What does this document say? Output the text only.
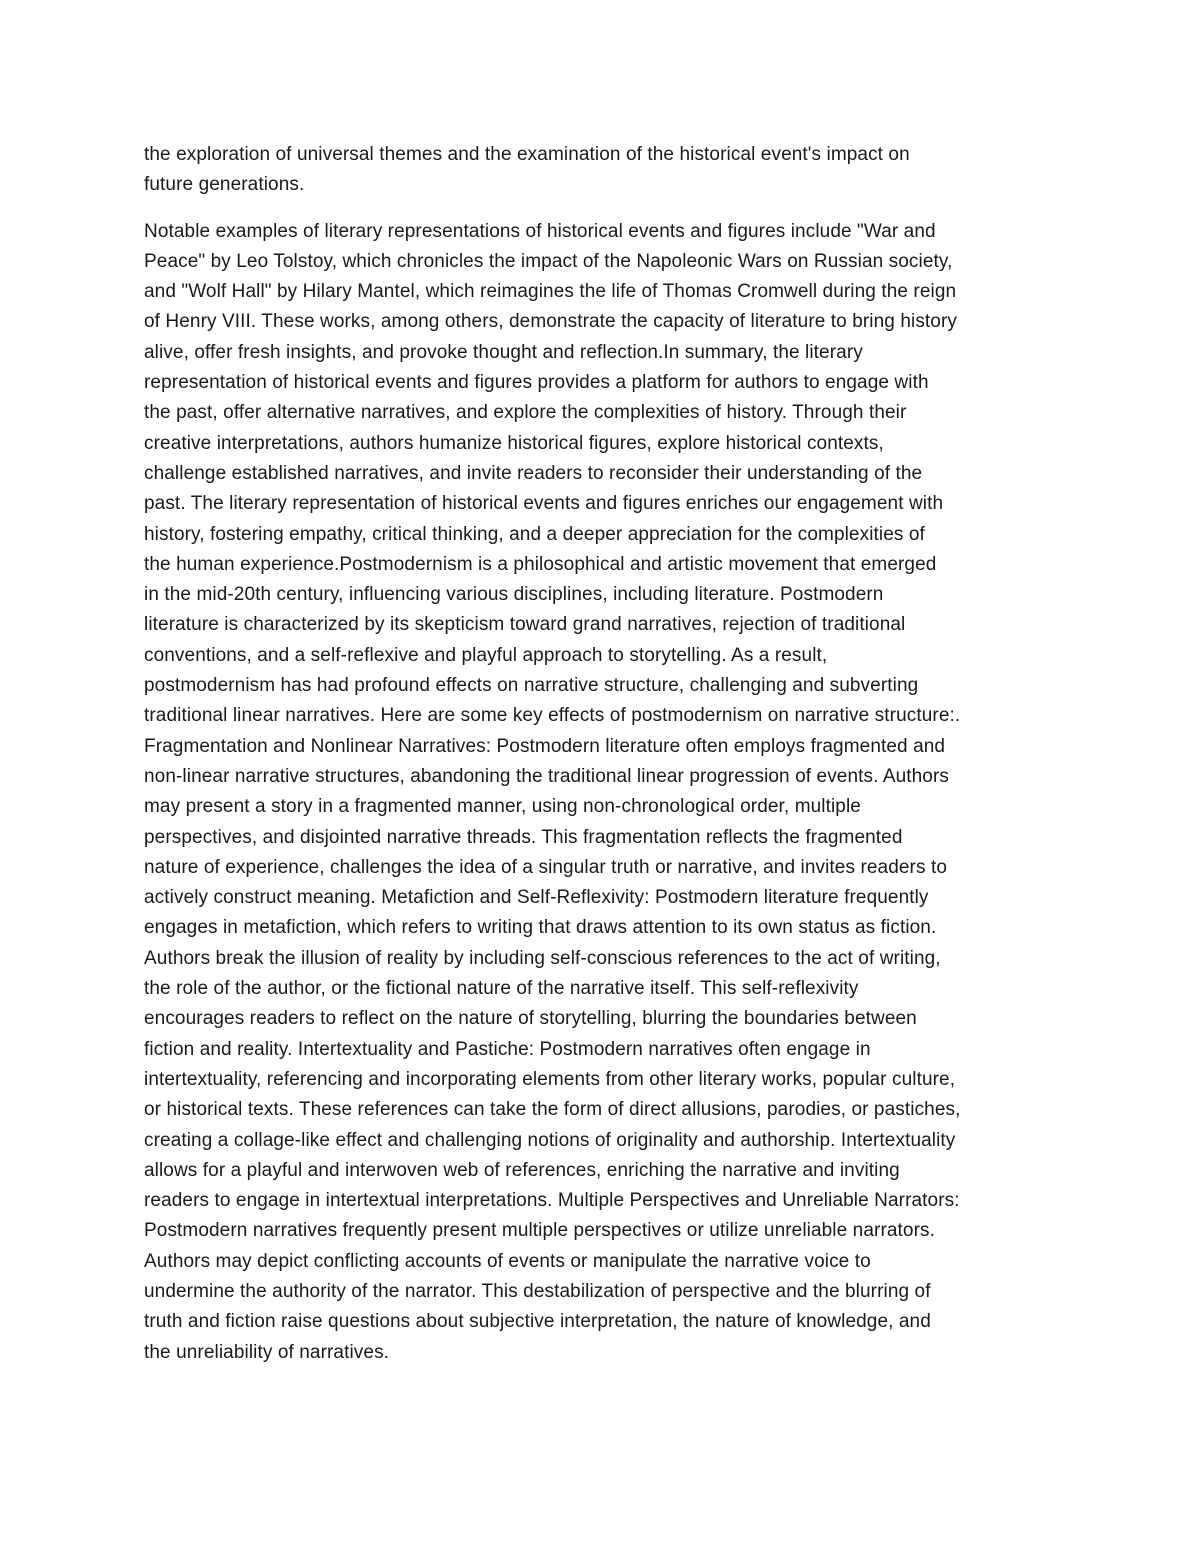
the exploration of universal themes and the examination of the historical event's impact on
future generations.

Notable examples of literary representations of historical events and figures include "War and
Peace" by Leo Tolstoy, which chronicles the impact of the Napoleonic Wars on Russian society,
and "Wolf Hall" by Hilary Mantel, which reimagines the life of Thomas Cromwell during the reign
of Henry VIII. These works, among others, demonstrate the capacity of literature to bring history
alive, offer fresh insights, and provoke thought and reflection.In summary, the literary
representation of historical events and figures provides a platform for authors to engage with
the past, offer alternative narratives, and explore the complexities of history. Through their
creative interpretations, authors humanize historical figures, explore historical contexts,
challenge established narratives, and invite readers to reconsider their understanding of the
past. The literary representation of historical events and figures enriches our engagement with
history, fostering empathy, critical thinking, and a deeper appreciation for the complexities of
the human experience.Postmodernism is a philosophical and artistic movement that emerged
in the mid-20th century, influencing various disciplines, including literature. Postmodern
literature is characterized by its skepticism toward grand narratives, rejection of traditional
conventions, and a self-reflexive and playful approach to storytelling. As a result,
postmodernism has had profound effects on narrative structure, challenging and subverting
traditional linear narratives. Here are some key effects of postmodernism on narrative structure:.
Fragmentation and Nonlinear Narratives: Postmodern literature often employs fragmented and
non-linear narrative structures, abandoning the traditional linear progression of events. Authors
may present a story in a fragmented manner, using non-chronological order, multiple
perspectives, and disjointed narrative threads. This fragmentation reflects the fragmented
nature of experience, challenges the idea of a singular truth or narrative, and invites readers to
actively construct meaning. Metafiction and Self-Reflexivity: Postmodern literature frequently
engages in metafiction, which refers to writing that draws attention to its own status as fiction.
Authors break the illusion of reality by including self-conscious references to the act of writing,
the role of the author, or the fictional nature of the narrative itself. This self-reflexivity
encourages readers to reflect on the nature of storytelling, blurring the boundaries between
fiction and reality. Intertextuality and Pastiche: Postmodern narratives often engage in
intertextuality, referencing and incorporating elements from other literary works, popular culture,
or historical texts. These references can take the form of direct allusions, parodies, or pastiches,
creating a collage-like effect and challenging notions of originality and authorship. Intertextuality
allows for a playful and interwoven web of references, enriching the narrative and inviting
readers to engage in intertextual interpretations. Multiple Perspectives and Unreliable Narrators:
Postmodern narratives frequently present multiple perspectives or utilize unreliable narrators.
Authors may depict conflicting accounts of events or manipulate the narrative voice to
undermine the authority of the narrator. This destabilization of perspective and the blurring of
truth and fiction raise questions about subjective interpretation, the nature of knowledge, and
the unreliability of narratives.
